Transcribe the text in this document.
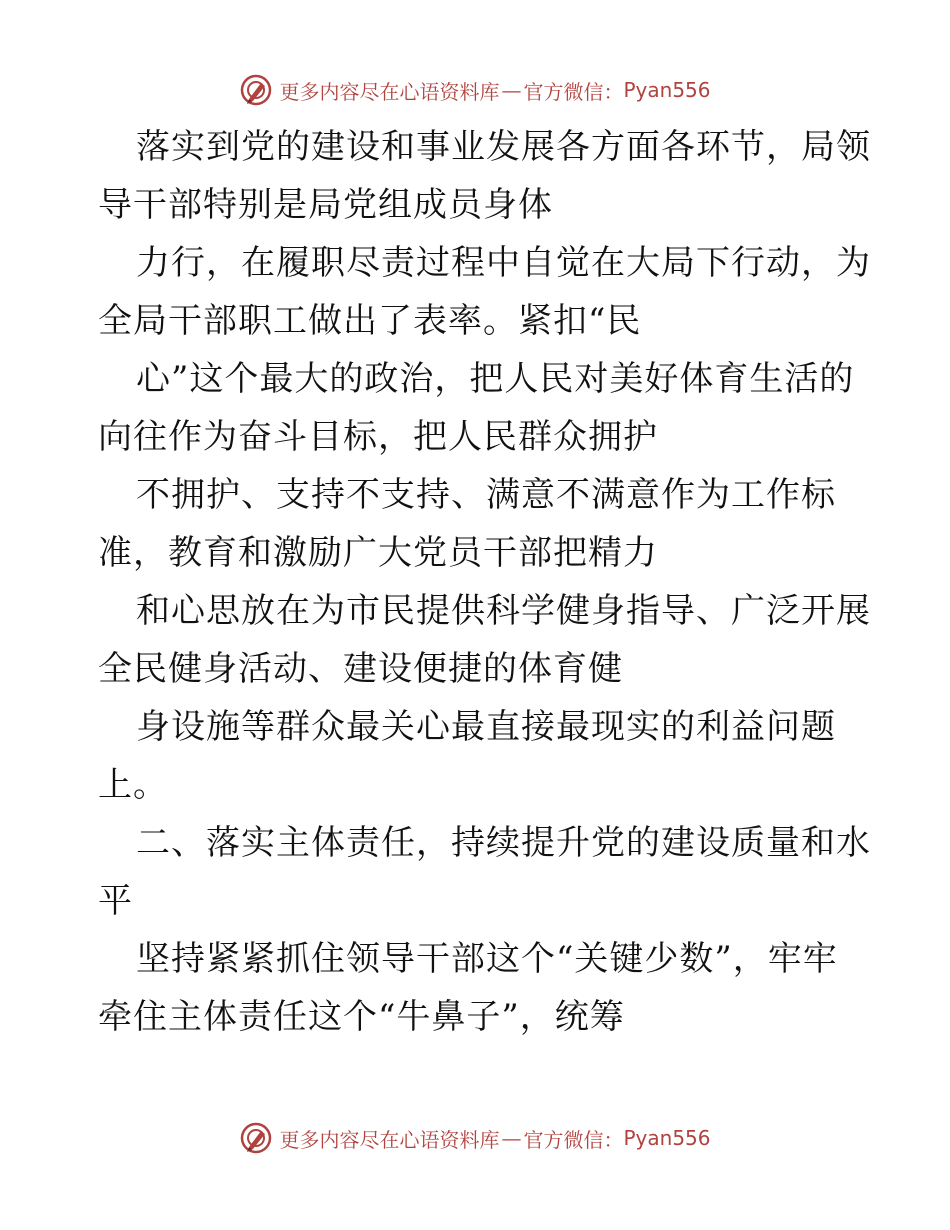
更多内容尽在心语资料库 — 官方微信： Pyan556
落实到党的建设和事业发展各方面各环节，局领
导干部特别是局党组成员身体
力行，在履职尽责过程中自觉在大局下行动，为
全局干部职工做出了表率。紧扣“民
心”这个最大的政治，把人民对美好体育生活的
向往作为奋斗目标，把人民群众拥护
不拥护、支持不支持、满意不满意作为工作标
准，教育和激励广大党员干部把精力
和心思放在为市民提供科学健身指导、广泛开展
全民健身活动、建设便捷的体育健
身设施等群众最关心最直接最现实的利益问题
上。
二、落实主体责任，持续提升党的建设质量和水
平
坚持紧紧抓住领导干部这个“关键少数”，牢牢
牵住主体责任这个“牛鼻子”，统筹
更多内容尽在心语资料库 — 官方微信： Pyan556
